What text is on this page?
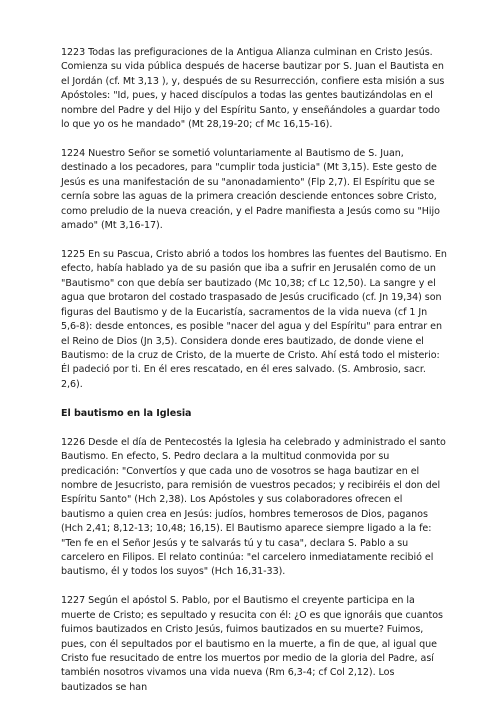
1223 Todas las prefiguraciones de la Antigua Alianza culminan en Cristo Jesús. Comienza su vida pública después de hacerse bautizar por S. Juan el Bautista en el Jordán (cf. Mt 3,13 ), y, después de su Resurrección, confiere esta misión a sus Apóstoles: "Id, pues, y haced discípulos a todas las gentes bautizándolas en el nombre del Padre y del Hijo y del Espíritu Santo, y enseñándoles a guardar todo lo que yo os he mandado" (Mt 28,19-20; cf Mc 16,15-16).

1224 Nuestro Señor se sometió voluntariamente al Bautismo de S. Juan, destinado a los pecadores, para "cumplir toda justicia" (Mt 3,15). Este gesto de Jesús es una manifestación de su "anonadamiento" (Flp 2,7). El Espíritu que se cernía sobre las aguas de la primera creación desciende entonces sobre Cristo, como preludio de la nueva creación, y el Padre manifiesta a Jesús como su "Hijo amado" (Mt 3,16-17).

1225 En su Pascua, Cristo abrió a todos los hombres las fuentes del Bautismo. En efecto, había hablado ya de su pasión que iba a sufrir en Jerusalén como de un "Bautismo" con que debía ser bautizado (Mc 10,38; cf Lc 12,50). La sangre y el agua que brotaron del costado traspasado de Jesús crucificado (cf. Jn 19,34) son figuras del Bautismo y de la Eucaristía, sacramentos de la vida nueva (cf 1 Jn 5,6-8): desde entonces, es posible "nacer del agua y del Espíritu" para entrar en el Reino de Dios (Jn 3,5). Considera donde eres bautizado, de donde viene el Bautismo: de la cruz de Cristo, de la muerte de Cristo. Ahí está todo el misterio: Él padeció por ti. En él eres rescatado, en él eres salvado. (S. Ambrosio, sacr. 2,6).

El bautismo en la Iglesia

1226 Desde el día de Pentecostés la Iglesia ha celebrado y administrado el santo Bautismo. En efecto, S. Pedro declara a la multitud conmovida por su predicación: "Convertíos y que cada uno de vosotros se haga bautizar en el nombre de Jesucristo, para remisión de vuestros pecados; y recibiréis el don del Espíritu Santo" (Hch 2,38). Los Apóstoles y sus colaboradores ofrecen el bautismo a quien crea en Jesús: judíos, hombres temerosos de Dios, paganos (Hch 2,41; 8,12-13; 10,48; 16,15). El Bautismo aparece siempre ligado a la fe: "Ten fe en el Señor Jesús y te salvarás tú y tu casa", declara S. Pablo a su carcelero en Filipos. El relato continúa: "el carcelero inmediatamente recibió el bautismo, él y todos los suyos" (Hch 16,31-33).

1227 Según el apóstol S. Pablo, por el Bautismo el creyente participa en la muerte de Cristo; es sepultado y resucita con él: ¿O es que ignoráis que cuantos fuimos bautizados en Cristo Jesús, fuimos bautizados en su muerte? Fuimos, pues, con él sepultados por el bautismo en la muerte, a fin de que, al igual que Cristo fue resucitado de entre los muertos por medio de la gloria del Padre, así también nosotros vivamos una vida nueva (Rm 6,3-4; cf Col 2,12). Los bautizados se han
